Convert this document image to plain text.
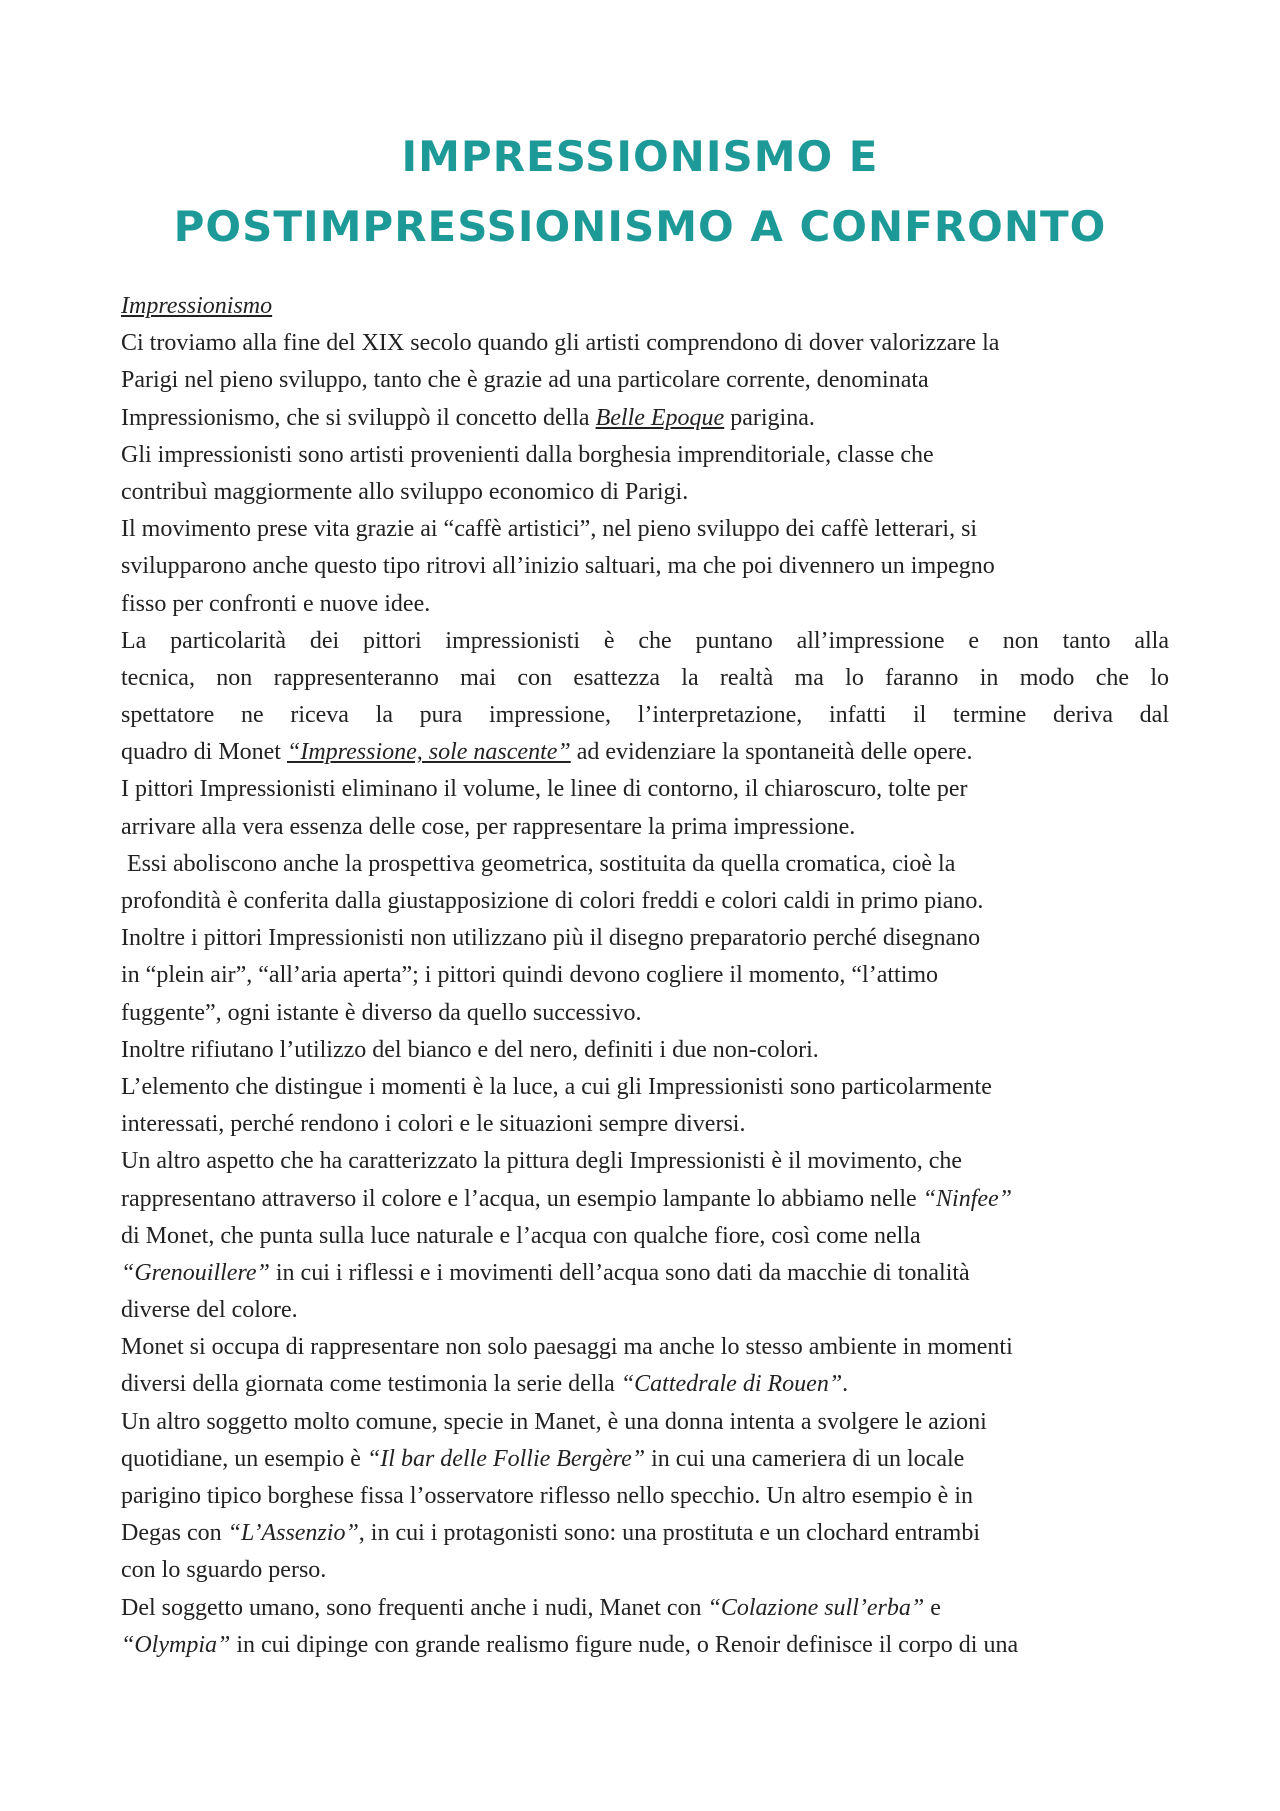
IMPRESSIONISMO E POSTIMPRESSIONISMO A CONFRONTO
Impressionismo
Ci troviamo alla fine del XIX secolo quando gli artisti comprendono di dover valorizzare la
Parigi nel pieno sviluppo, tanto che è grazie ad una particolare corrente, denominata
Impressionismo, che si sviluppò il concetto della Belle Epoque parigina.
Gli impressionisti sono artisti provenienti dalla borghesia imprenditoriale, classe che
contribuì maggiormente allo sviluppo economico di Parigi.
Il movimento prese vita grazie ai “caffè artistici”, nel pieno sviluppo dei caffè letterari, si
svilupparono anche questo tipo ritrovi all’inizio saltuari, ma che poi divennero un impegno
fisso per confronti e nuove idee.
La particolarità dei pittori impressionisti è che puntano all’impressione e non tanto alla
tecnica, non rappresenteranno mai con esattezza la realtà ma lo faranno in modo che lo
spettatore ne riceva la pura impressione, l’interpretazione, infatti il termine deriva dal
quadro di Monet “Impressione, sole nascente” ad evidenziare la spontaneità delle opere.
I pittori Impressionisti eliminano il volume, le linee di contorno, il chiaroscuro, tolte per
arrivare alla vera essenza delle cose, per rappresentare la prima impressione.
Essi aboliscono anche la prospettiva geometrica, sostituita da quella cromatica, cioè la
profondità è conferita dalla giustapposizione di colori freddi e colori caldi in primo piano.
Inoltre i pittori Impressionisti non utilizzano più il disegno preparatorio perché disegnano
in “plein air”, “all’aria aperta”; i pittori quindi devono cogliere il momento, “l’attimo
fuggente”, ogni istante è diverso da quello successivo.
Inoltre rifiutano l’utilizzo del bianco e del nero, definiti i due non-colori.
L’elemento che distingue i momenti è la luce, a cui gli Impressionisti sono particolarmente
interessati, perché rendono i colori e le situazioni sempre diversi.
Un altro aspetto che ha caratterizzato la pittura degli Impressionisti è il movimento, che
rappresentano attraverso il colore e l’acqua, un esempio lampante lo abbiamo nelle “Ninfee”
di Monet, che punta sulla luce naturale e l’acqua con qualche fiore, così come nella
“Grenouillere” in cui i riflessi e i movimenti dell’acqua sono dati da macchie di tonalità
diverse del colore.
Monet si occupa di rappresentare non solo paesaggi ma anche lo stesso ambiente in momenti
diversi della giornata come testimonia la serie della “Cattedrale di Rouen”.
Un altro soggetto molto comune, specie in Manet, è una donna intenta a svolgere le azioni
quotidiane, un esempio è “Il bar delle Follie Bergère” in cui una cameriera di un locale
parigino tipico borghese fissa l’osservatore riflesso nello specchio. Un altro esempio è in
Degas con “L’Assenzio”, in cui i protagonisti sono: una prostituta e un clochard entrambi
con lo sguardo perso.
Del soggetto umano, sono frequenti anche i nudi, Manet con “Colazione sull’erba” e
“Olympia” in cui dipinge con grande realismo figure nude, o Renoir definisce il corpo di una
